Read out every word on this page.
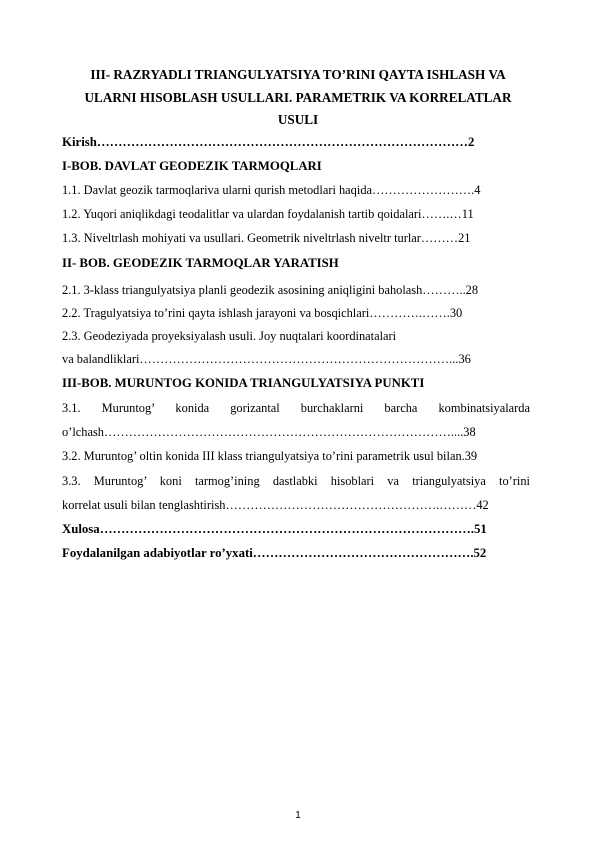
III- RAZRYADLI TRIANGULYATSIYA TO’RINI QAYTA ISHLASH VA
ULARNI HISOBLASH USULLARI. PARAMETRIK VA KORRELATLAR
USULI
Kirish……………………………………………………………………………2
I-BOB. DAVLAT GEODEZIK TARMOQLARI
1.1. Davlat geozik tarmoqlariva ularni qurish metodlari haqida…………………….4
1.2. Yuqori aniqlikdagi teodalitlar va ulardan foydalanish tartib qoidalari…….…11
1.3. Niveltrlash mohiyati va usullari. Geometrik niveltrlash niveltr turlar………21
II- BOB. GEODEZIK TARMOQLAR YARATISH
2.1. 3-klass triangulyatsiya planli geodezik asosining aniqligini baholash………..28
2.2. Tragulyatsiya to’rini qayta ishlash jarayoni va bosqichlari………….…….30
2.3. Geodeziyada proyeksiyalash usuli. Joy nuqtalari koordinatalari
va balandliklari…………………………………………………………………...36
III-BOB. MURUNTOG KONIDA TRIANGULYATSIYA PUNKTI
3.1. Muruntog’ konida gorizantal burchaklarni barcha kombinatsiyalarda
o’lchash…………………………………………………………………………....38
3.2. Muruntog’ oltin konida III klass triangulyatsiya to’rini parametrik usul bilan.39
3.3. Muruntog’ koni tarmog’ining dastlabki hisoblari va triangulyatsiya to’rini
korrelat usuli bilan tenglashtirish…………………………………………….………42
Xulosa…………………………………………………………………………….51
Foydalanilgan adabiyotlar ro’yxati…………………………………………….52
1
